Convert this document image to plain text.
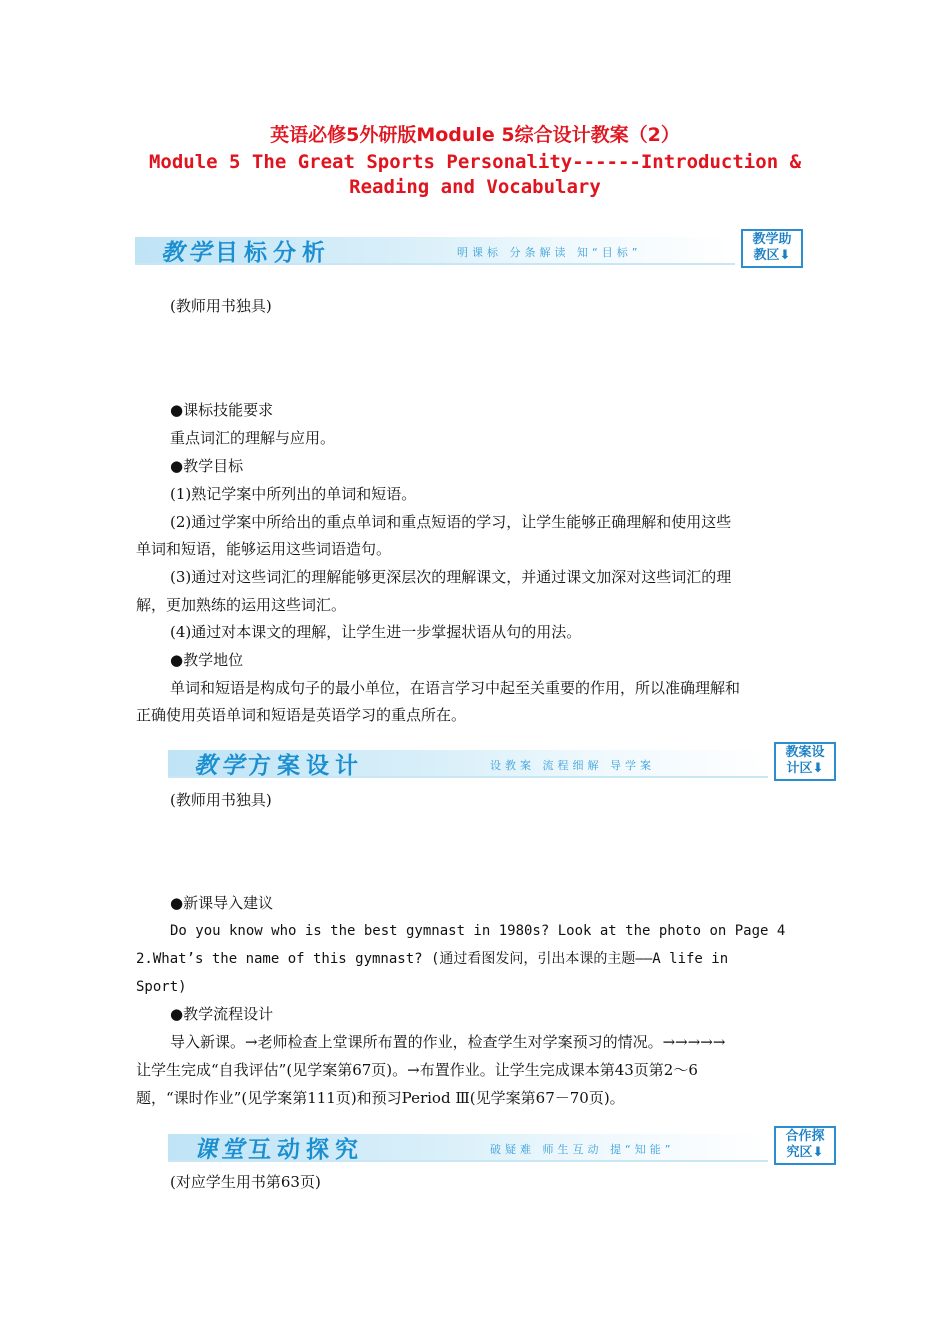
英语必修5外研版Module 5综合设计教案（2）
Module 5 The Great Sports Personality------Introduction &
Reading and Vocabulary
教学目标分析	明课标 分条解读 知“目标”
教学助
教区⬇
(教师用书独具)
●课标技能要求
重点词汇的理解与应用。
●教学目标
(1)熟记学案中所列出的单词和短语。
(2)通过学案中所给出的重点单词和重点短语的学习，让学生能够正确理解和使用这些
单词和短语，能够运用这些词语造句。
(3)通过对这些词汇的理解能够更深层次的理解课文，并通过课文加深对这些词汇的理
解，更加熟练的运用这些词汇。
(4)通过对本课文的理解，让学生进一步掌握状语从句的用法。
●教学地位
单词和短语是构成句子的最小单位，在语言学习中起至关重要的作用，所以准确理解和
正确使用英语单词和短语是英语学习的重点所在。
教学方案设计	设教案 流程细解 导学案
教案设
计区⬇
(教师用书独具)
●新课导入建议
Do you know who is the best gymnast in 1980s? Look at the photo on Page 4
2.What’s the name of this gymnast? (通过看图发问，引出本课的主题——A life in
Sport)
●教学流程设计
导入新课。→老师检查上堂课所布置的作业，检查学生对学案预习的情况。→→→→→
让学生完成“自我评估”(见学案第67页)。→布置作业。让学生完成课本第43页第2～6
题，“课时作业”(见学案第111页)和预习Period Ⅲ(见学案第67－70页)。
课堂互动探究	破疑难 师生互动 提“知能”
合作探
究区⬇
(对应学生用书第63页)
